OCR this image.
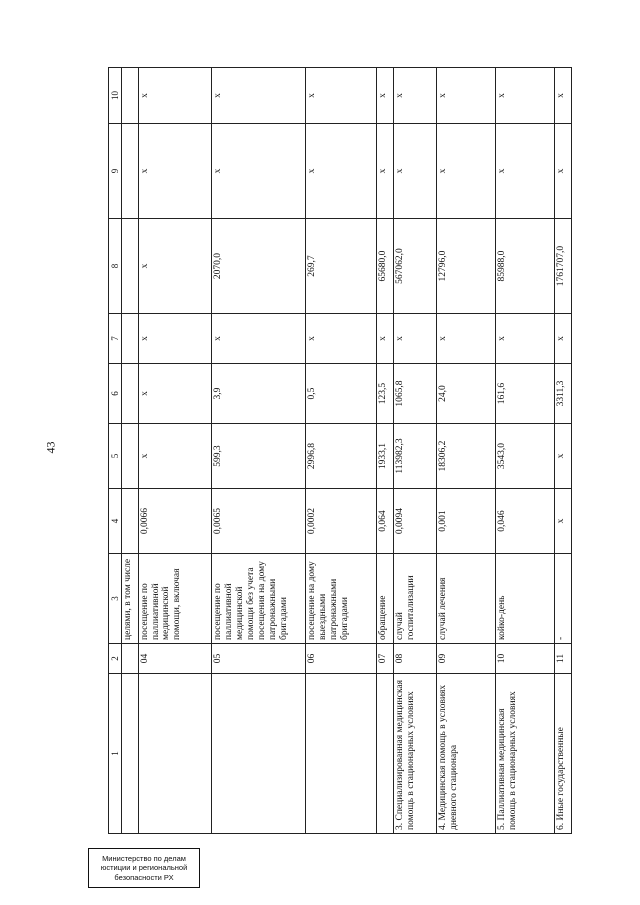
43
Министерство по делам
юстиции и региональной
безопасности РХ
1	2	3	4	5	6	7	8	9	10
		целями, в том числе							
	04	посещение по паллиативной медицинской помощи, включая	0,0066	х	х	х	х	х	х
	05	посещение по паллиативной медицинской помощи без учета посещения на дому патронажными бригадами	0,0065	599,3	3,9	х	2070,0	х	х
	06	посещение на дому выездными патронажными бригадами	0,0002	2996,8	0,5	х	269,7	х	х
	07	обращение	0,064	1933,1	123,5	х	65680,0	х	х
3. Специализированная медицинская помощь в стационарных условиях	08	случай госпитализации	0,0094	113982,3	1065,8	х	567062,0	х	х
4. Медицинская помощь в условиях дневного стационара	09	случай лечения	0,001	18306,2	24,0	х	12796,0	х	х
5. Паллиативная медицинская помощь в стационарных условиях	10	койко-день	0,046	3543,0	161,6	х	85988,0	х	х
6. Иные государственные	11	-	х	х	3311,3	х	1761707,0	х	х
